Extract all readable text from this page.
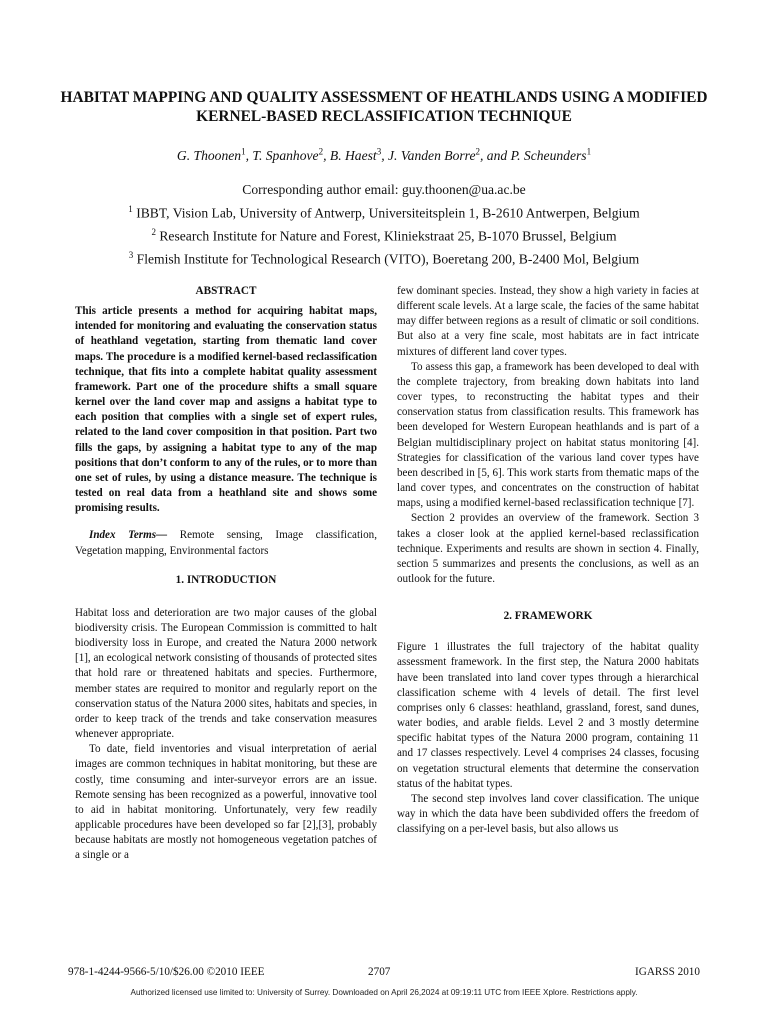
HABITAT MAPPING AND QUALITY ASSESSMENT OF HEATHLANDS USING A MODIFIED
KERNEL-BASED RECLASSIFICATION TECHNIQUE
G. Thoonen$^1$, T. Spanhove$^2$, B. Haest$^3$, J. Vanden Borre$^2$, and P. Scheunders$^1$
Corresponding author email: guy.thoonen@ua.ac.be
$^1$ IBBT, Vision Lab, University of Antwerp, Universiteitsplein 1, B-2610 Antwerpen, Belgium
$^2$ Research Institute for Nature and Forest, Kliniekstraat 25, B-1070 Brussel, Belgium
$^3$ Flemish Institute for Technological Research (VITO), Boeretang 200, B-2400 Mol, Belgium
ABSTRACT

This article presents a method for acquiring habitat maps, intended for monitoring and evaluating the conservation status of heathland vegetation, starting from thematic land cover maps. The procedure is a modified kernel-based reclassification technique, that fits into a complete habitat quality assessment framework. Part one of the procedure shifts a small square kernel over the land cover map and assigns a habitat type to each position that complies with a single set of expert rules, related to the land cover composition in that position. Part two fills the gaps, by assigning a habitat type to any of the map positions that don’t conform to any of the rules, or to more than one set of rules, by using a distance measure. The technique is tested on real data from a heathland site and shows some promising results.

Index Terms— Remote sensing, Image classification, Vegetation mapping, Environmental factors

1. INTRODUCTION

Habitat loss and deterioration are two major causes of the global biodiversity crisis. The European Commission is committed to halt biodiversity loss in Europe, and created the Natura 2000 network [1], an ecological network consisting of thousands of protected sites that hold rare or threatened habitats and species. Furthermore, member states are required to monitor and regularly report on the conservation status of the Natura 2000 sites, habitats and species, in order to keep track of the trends and take conservation measures whenever appropriate.

To date, field inventories and visual interpretation of aerial images are common techniques in habitat monitoring, but these are costly, time consuming and inter-surveyor errors are an issue. Remote sensing has been recognized as a powerful, innovative tool to aid in habitat monitoring. Unfortunately, very few readily applicable procedures have been developed so far [2],[3], probably because habitats are mostly not homogeneous vegetation patches of a single or a

few dominant species. Instead, they show a high variety in facies at different scale levels. At a large scale, the facies of the same habitat may differ between regions as a result of climatic or soil conditions. But also at a very fine scale, most habitats are in fact intricate mixtures of different land cover types.

To assess this gap, a framework has been developed to deal with the complete trajectory, from breaking down habitats into land cover types, to reconstructing the habitat types and their conservation status from classification results. This framework has been developed for Western European heathlands and is part of a Belgian multidisciplinary project on habitat status monitoring [4]. Strategies for classification of the various land cover types have been described in [5, 6]. This work starts from thematic maps of the land cover types, and concentrates on the construction of habitat maps, using a modified kernel-based reclassification technique [7].

Section 2 provides an overview of the framework. Section 3 takes a closer look at the applied kernel-based reclassification technique. Experiments and results are shown in section 4. Finally, section 5 summarizes and presents the conclusions, as well as an outlook for the future.

2. FRAMEWORK

Figure 1 illustrates the full trajectory of the habitat quality assessment framework. In the first step, the Natura 2000 habitats have been translated into land cover types through a hierarchical classification scheme with 4 levels of detail. The first level comprises only 6 classes: heathland, grassland, forest, sand dunes, water bodies, and arable fields. Level 2 and 3 mostly determine specific habitat types of the Natura 2000 program, containing 11 and 17 classes respectively. Level 4 comprises 24 classes, focusing on vegetation structural elements that determine the conservation status of the habitat types.

The second step involves land cover classification. The unique way in which the data have been subdivided offers the freedom of classifying on a per-level basis, but also allows us

978-1-4244-9566-5/10/$26.00 ©2010 IEEE	2707	IGARSS 2010
Authorized licensed use limited to: University of Surrey. Downloaded on April 26,2024 at 09:19:11 UTC from IEEE Xplore. Restrictions apply.
